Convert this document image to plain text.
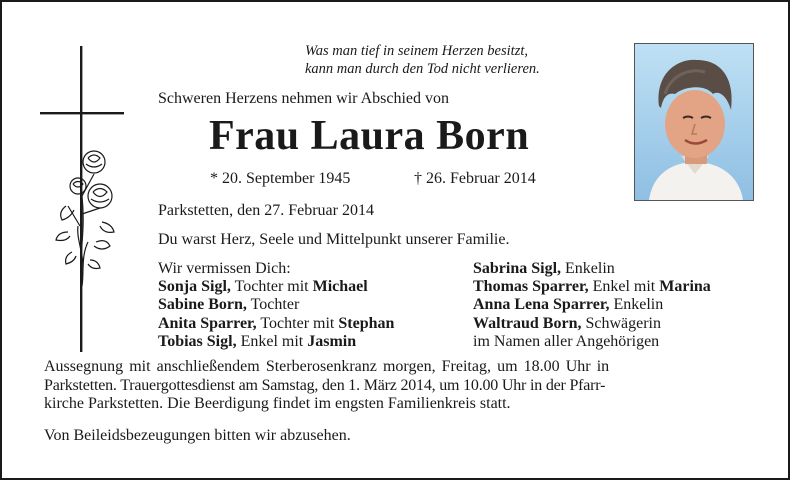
Was man tief in seinem Herzen besitzt,
kann man durch den Tod nicht verlieren.
Schweren Herzens nehmen wir Abschied von
Frau Laura Born
* 20. September 1945	† 26. Februar 2014
Parkstetten, den 27. Februar 2014
Du warst Herz, Seele und Mittelpunkt unserer Familie.
Wir vermissen Dich:
Sonja Sigl, Tochter mit Michael
Sabine Born, Tochter
Anita Sparrer, Tochter mit Stephan
Tobias Sigl, Enkel mit Jasmin
Sabrina Sigl, Enkelin
Thomas Sparrer, Enkel mit Marina
Anna Lena Sparrer, Enkelin
Waltraud Born, Schwägerin
im Namen aller Angehörigen
Aussegnung mit anschließendem Sterberosenkranz morgen, Freitag, um 18.00 Uhr in
Parkstetten. Trauergottesdienst am Samstag, den 1. März 2014, um 10.00 Uhr in der Pfarr-
kirche Parkstetten. Die Beerdigung findet im engsten Familienkreis statt.
Von Beileidsbezeugungen bitten wir abzusehen.
